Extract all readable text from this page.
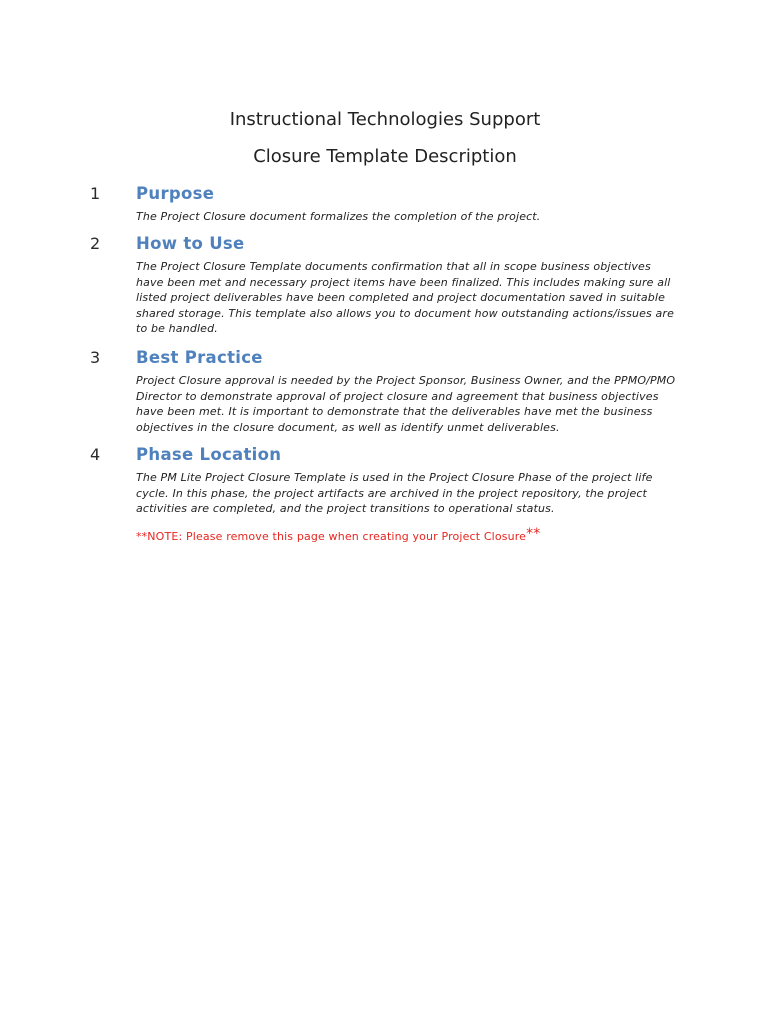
Instructional Technologies Support
Closure Template Description
1 Purpose
The Project Closure document formalizes the completion of the project.
2 How to Use
The Project Closure Template documents confirmation that all in scope business objectives have been met and necessary project items have been finalized. This includes making sure all listed project deliverables have been completed and project documentation saved in suitable shared storage. This template also allows you to document how outstanding actions/issues are to be handled.
3 Best Practice
Project Closure approval is needed by the Project Sponsor, Business Owner, and the PPMO/PMO Director to demonstrate approval of project closure and agreement that business objectives have been met. It is important to demonstrate that the deliverables have met the business objectives in the closure document, as well as identify unmet deliverables.
4 Phase Location
The PM Lite Project Closure Template is used in the Project Closure Phase of the project life cycle. In this phase, the project artifacts are archived in the project repository, the project activities are completed, and the project transitions to operational status.
**NOTE: Please remove this page when creating your Project Closure**
